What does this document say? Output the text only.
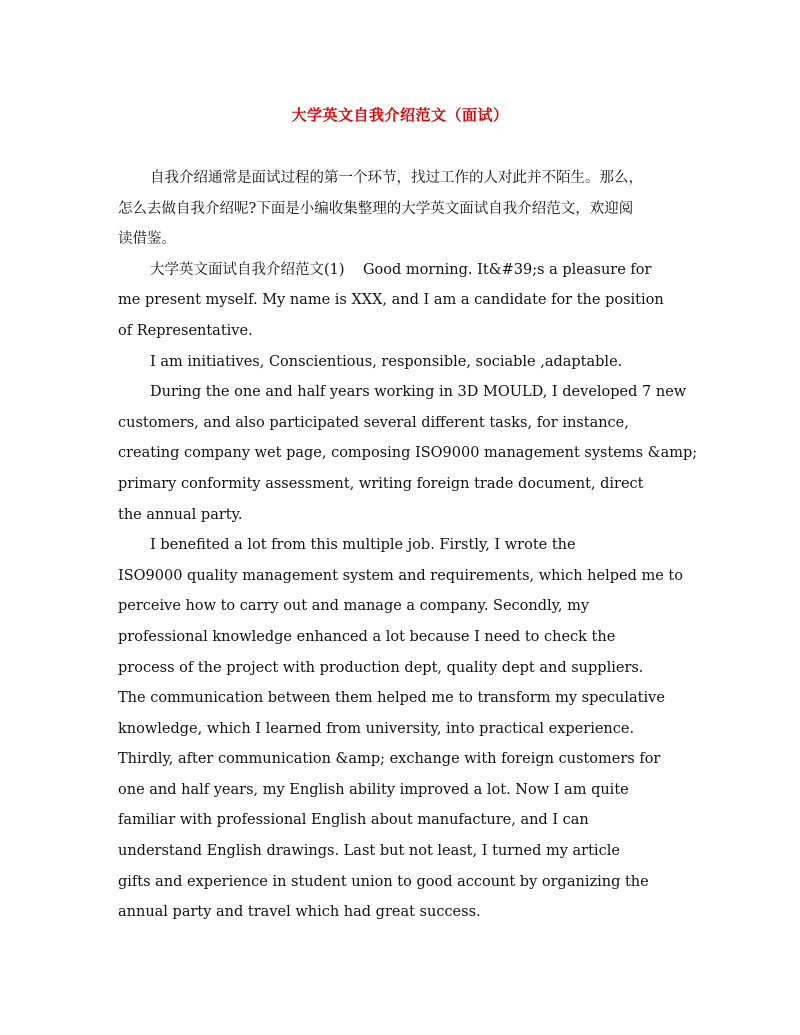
大学英文自我介绍范文（面试）
自我介绍通常是面试过程的第一个环节，找过工作的人对此并不陌生。那么，
怎么去做自我介绍呢?下面是小编收集整理的大学英文面试自我介绍范文，欢迎阅
读借鉴。
大学英文面试自我介绍范文(1)    Good morning. It&#39;s a pleasure for
me present myself. My name is XXX, and I am a candidate for the position
of Representative.
I am initiatives, Conscientious, responsible, sociable ,adaptable.
During the one and half years working in 3D MOULD, I developed 7 new
customers, and also participated several different tasks, for instance,
creating company wet page, composing ISO9000 management systems &amp;
primary conformity assessment, writing foreign trade document, direct
the annual party.
I benefited a lot from this multiple job. Firstly, I wrote the
ISO9000 quality management system and requirements, which helped me to
perceive how to carry out and manage a company. Secondly, my
professional knowledge enhanced a lot because I need to check the
process of the project with production dept, quality dept and suppliers.
The communication between them helped me to transform my speculative
knowledge, which I learned from university, into practical experience.
Thirdly, after communication &amp; exchange with foreign customers for
one and half years, my English ability improved a lot. Now I am quite
familiar with professional English about manufacture, and I can
understand English drawings. Last but not least, I turned my article
gifts and experience in student union to good account by organizing the
annual party and travel which had great success.
